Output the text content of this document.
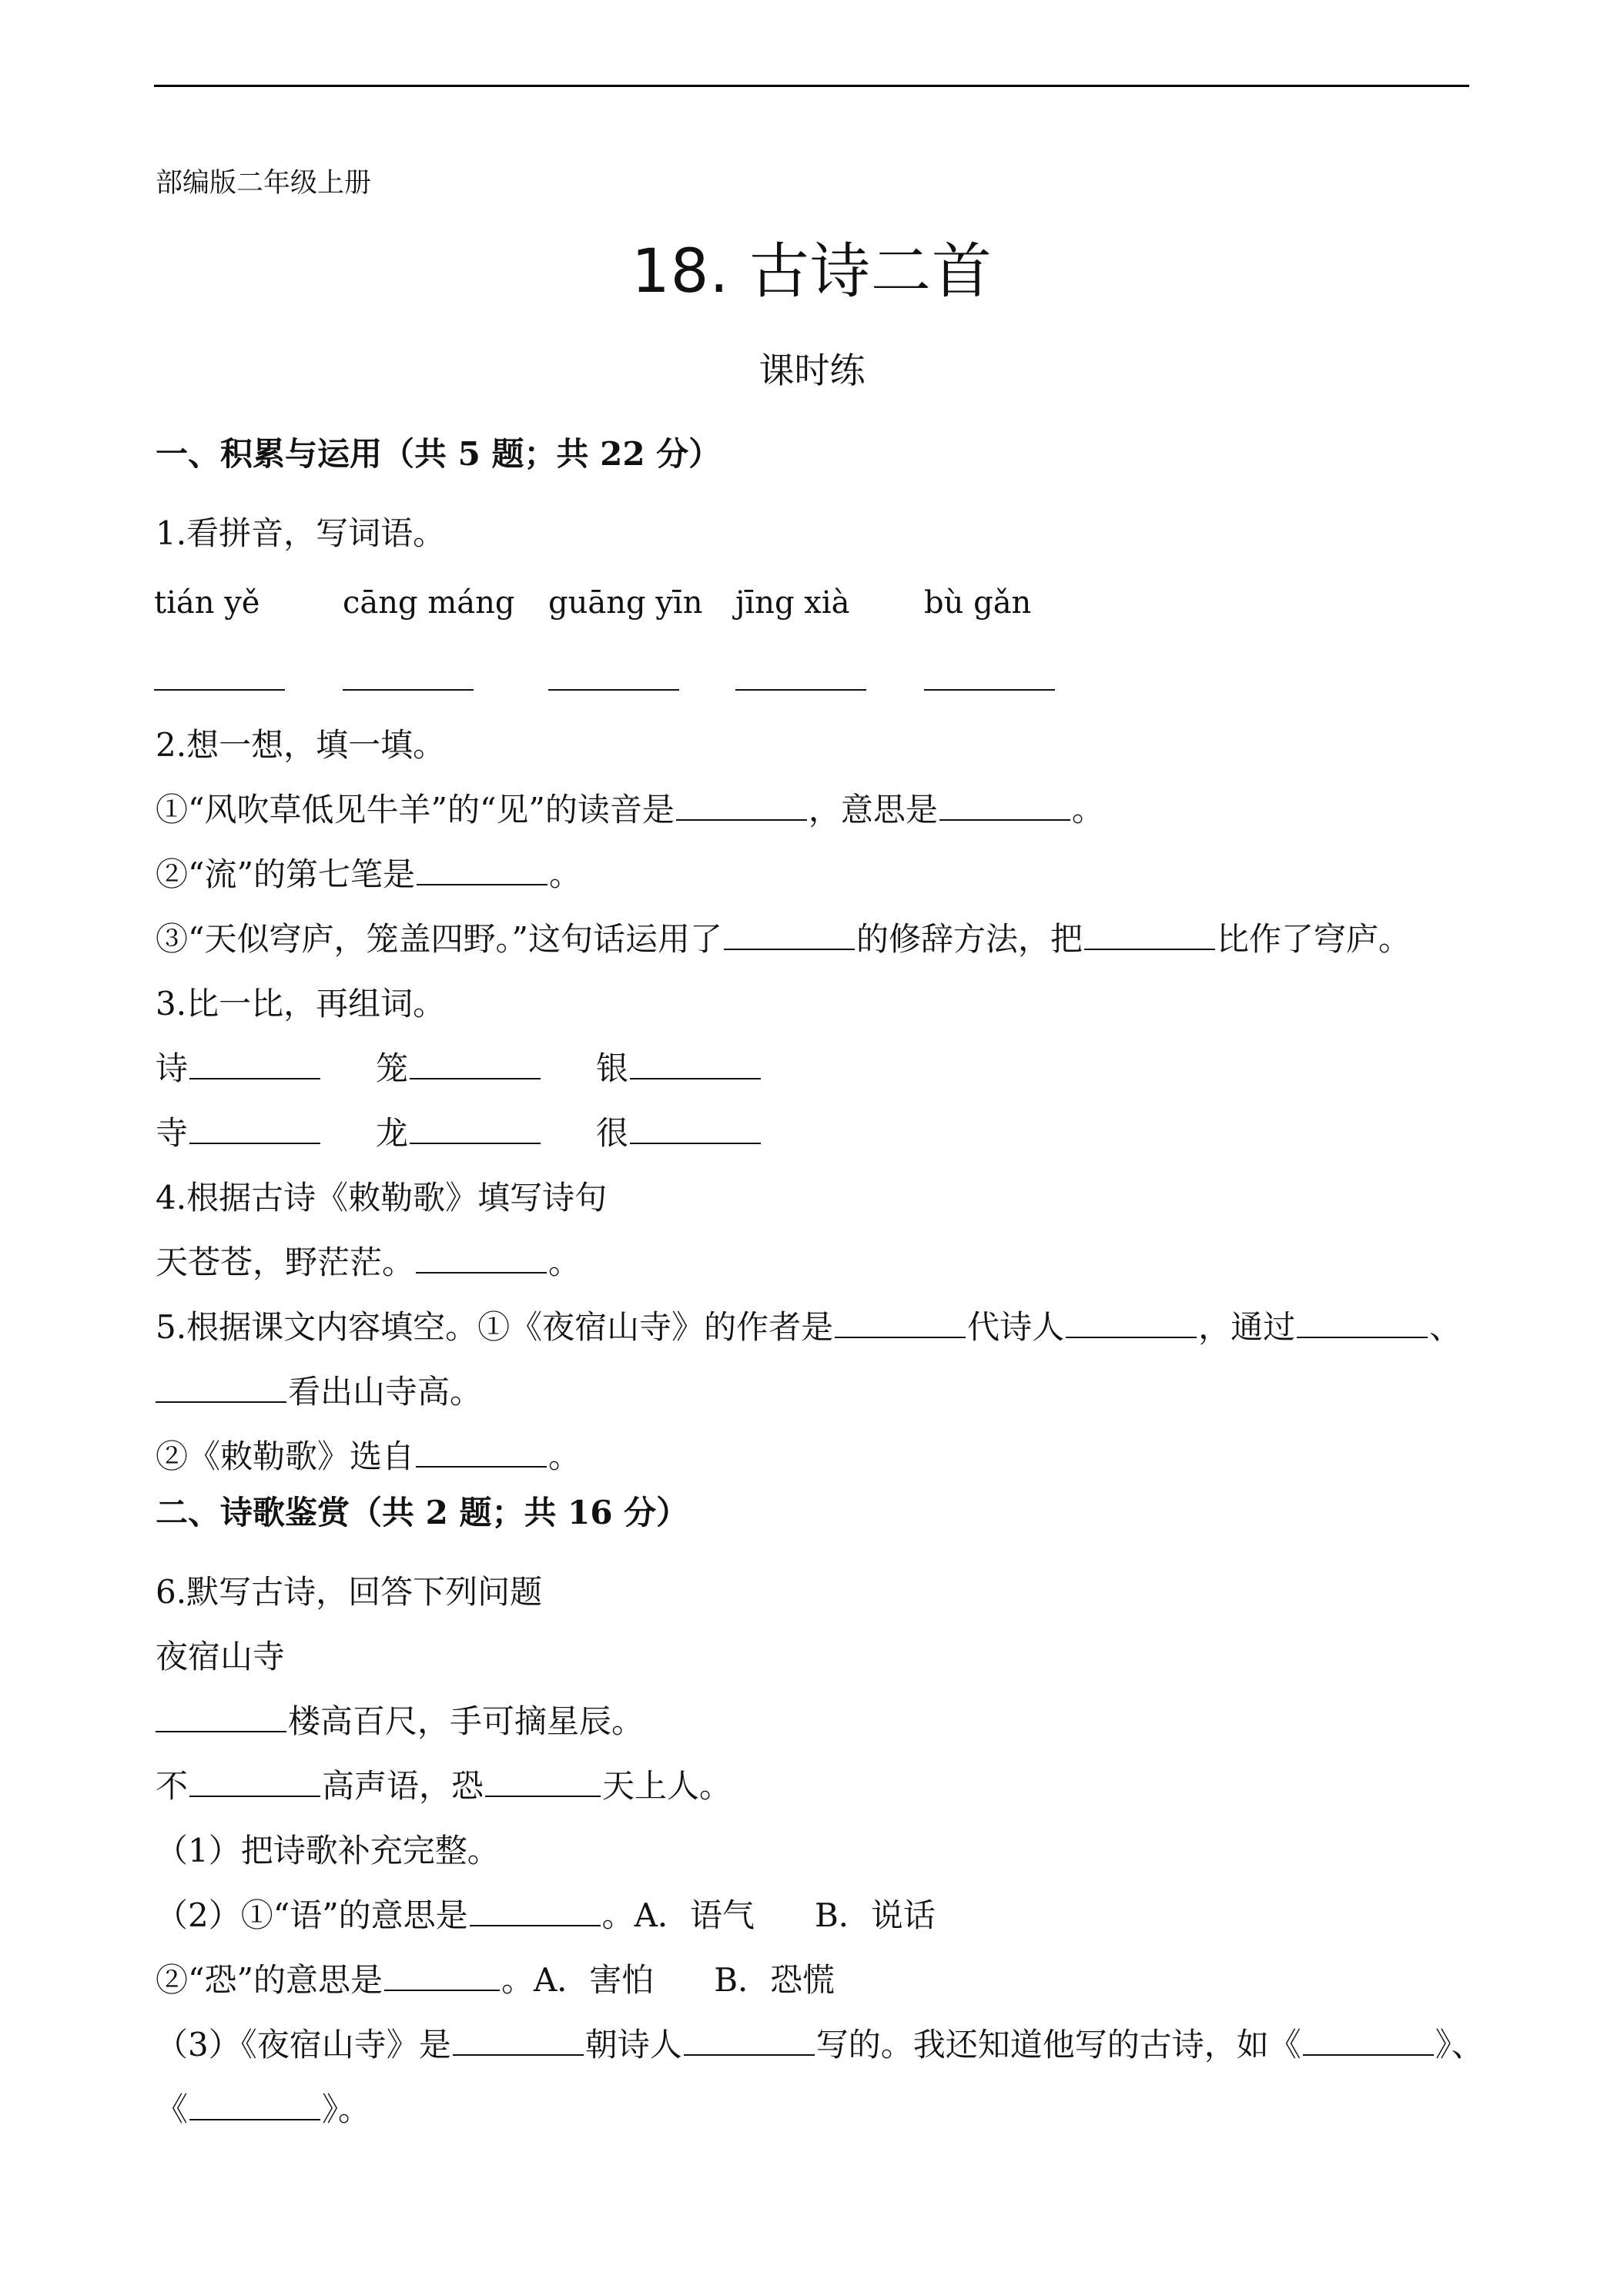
部编版二年级上册
18. 古诗二首
课时练
一、积累与运用（共 5 题；共 22 分）
1.看拼音，写词语。
tián yě	cāng máng guāng yīn jīng xià bù gǎn
2.想一想，填一填。
①“风吹草低见牛羊”的“见”的读音是	，意思是	。
②“流”的第七笔是	。
③“天似穹庐，笼盖四野。”这句话运用了	的修辞方法，把	比作了穹庐。
3.比一比，再组词。
诗	笼	银
寺	龙	很
4.根据古诗《敕勒歌》填写诗句
天苍苍，野茫茫。	。
5.根据课文内容填空。①《夜宿山寺》的作者是	代诗人	，通过	、
看出山寺高。
②《敕勒歌》选自	。
二、诗歌鉴赏（共 2 题；共 16 分）
6.默写古诗，回答下列问题
夜宿山寺
楼高百尺，手可摘星辰。
不	高声语，恐	天上人。
（1）把诗歌补充完整。
（2）①“语”的意思是	。A．语气 B．说话
②“恐”的意思是	。A．害怕 B．恐慌
（3）《夜宿山寺》是	朝诗人	写的。我还知道他写的古诗，如《	》、
《	》。
